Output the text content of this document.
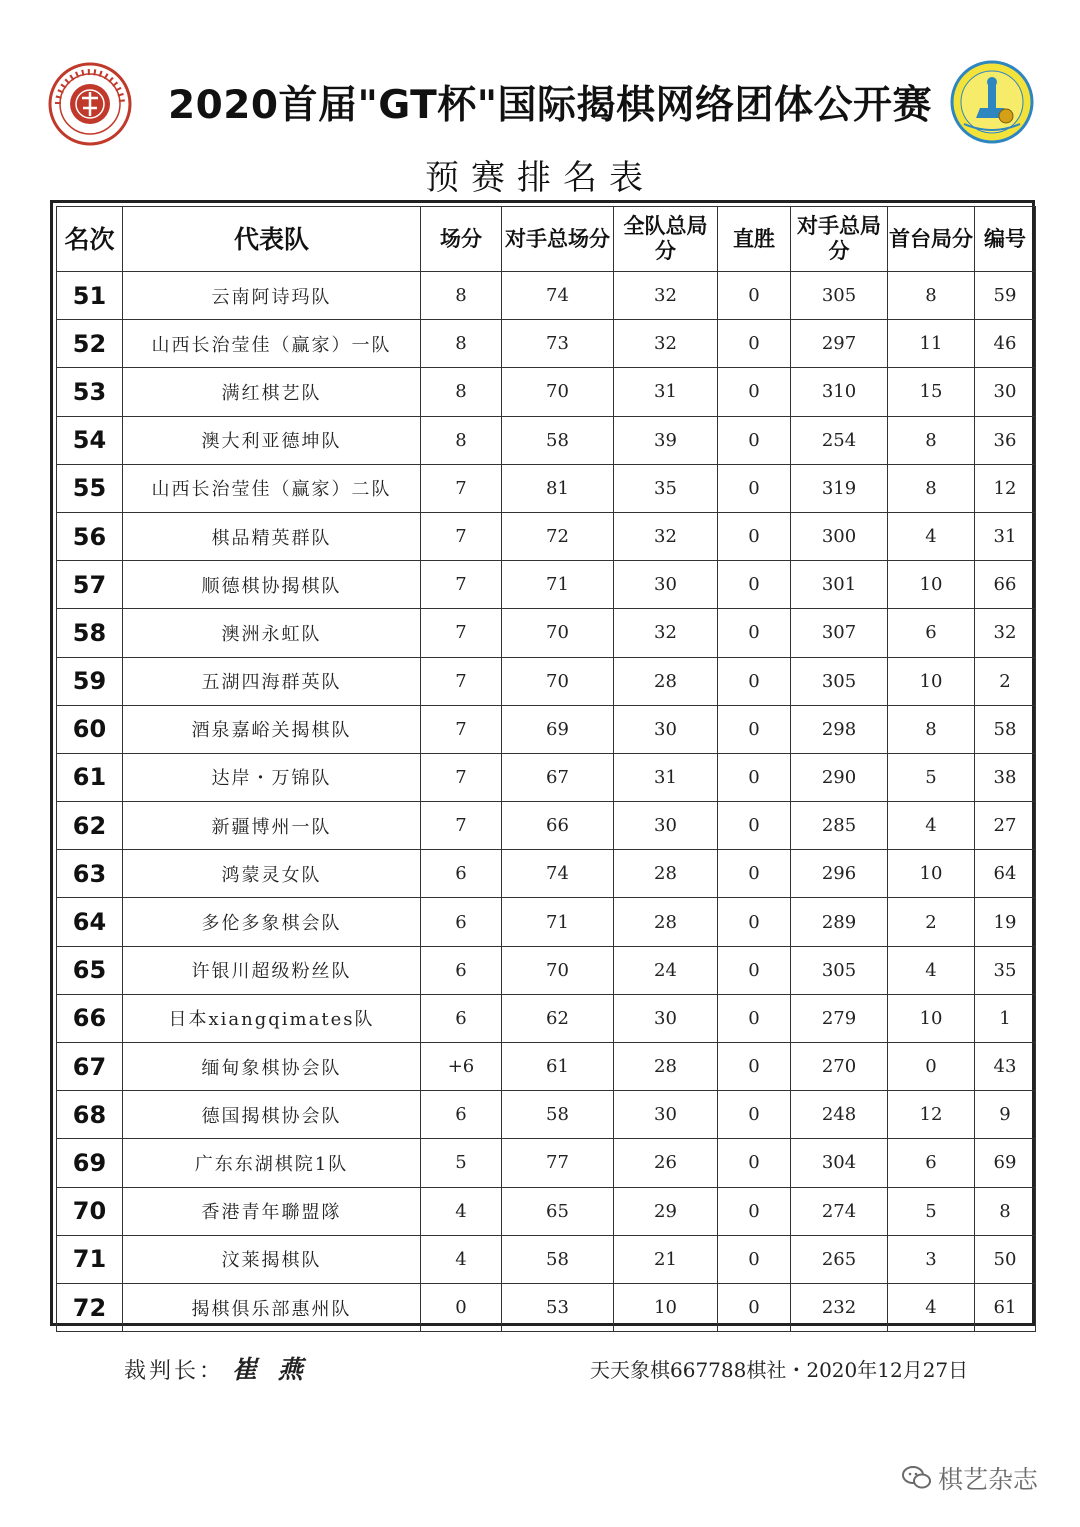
2020首届"GT杯"国际揭棋网络团体公开赛
预赛排名表
名次	代表队	场分	对手总场分	全队总局分	直胜	对手总局分	首台局分	编号
51	云南阿诗玛队	8	74	32	0	305	8	59
52	山西长治莹佳（赢家）一队	8	73	32	0	297	11	46
53	满红棋艺队	8	70	31	0	310	15	30
54	澳大利亚德坤队	8	58	39	0	254	8	36
55	山西长治莹佳（赢家）二队	7	81	35	0	319	8	12
56	棋品精英群队	7	72	32	0	300	4	31
57	顺德棋协揭棋队	7	71	30	0	301	10	66
58	澳洲永虹队	7	70	32	0	307	6	32
59	五湖四海群英队	7	70	28	0	305	10	2
60	酒泉嘉峪关揭棋队	7	69	30	0	298	8	58
61	达岸・万锦队	7	67	31	0	290	5	38
62	新疆博州一队	7	66	30	0	285	4	27
63	鸿蒙灵女队	6	74	28	0	296	10	64
64	多伦多象棋会队	6	71	28	0	289	2	19
65	许银川超级粉丝队	6	70	24	0	305	4	35
66	日本xiangqimates队	6	62	30	0	279	10	1
67	缅甸象棋协会队	+6	61	28	0	270	0	43
68	德国揭棋协会队	6	58	30	0	248	12	9
69	广东东湖棋院1队	5	77	26	0	304	6	69
70	香港青年聯盟隊	4	65	29	0	274	5	8
71	汶莱揭棋队	4	58	21	0	265	3	50
72	揭棋俱乐部惠州队	0	53	10	0	232	4	61
裁判长： 崔 燕	天天象棋667788棋社・2020年12月27日
棋艺杂志
